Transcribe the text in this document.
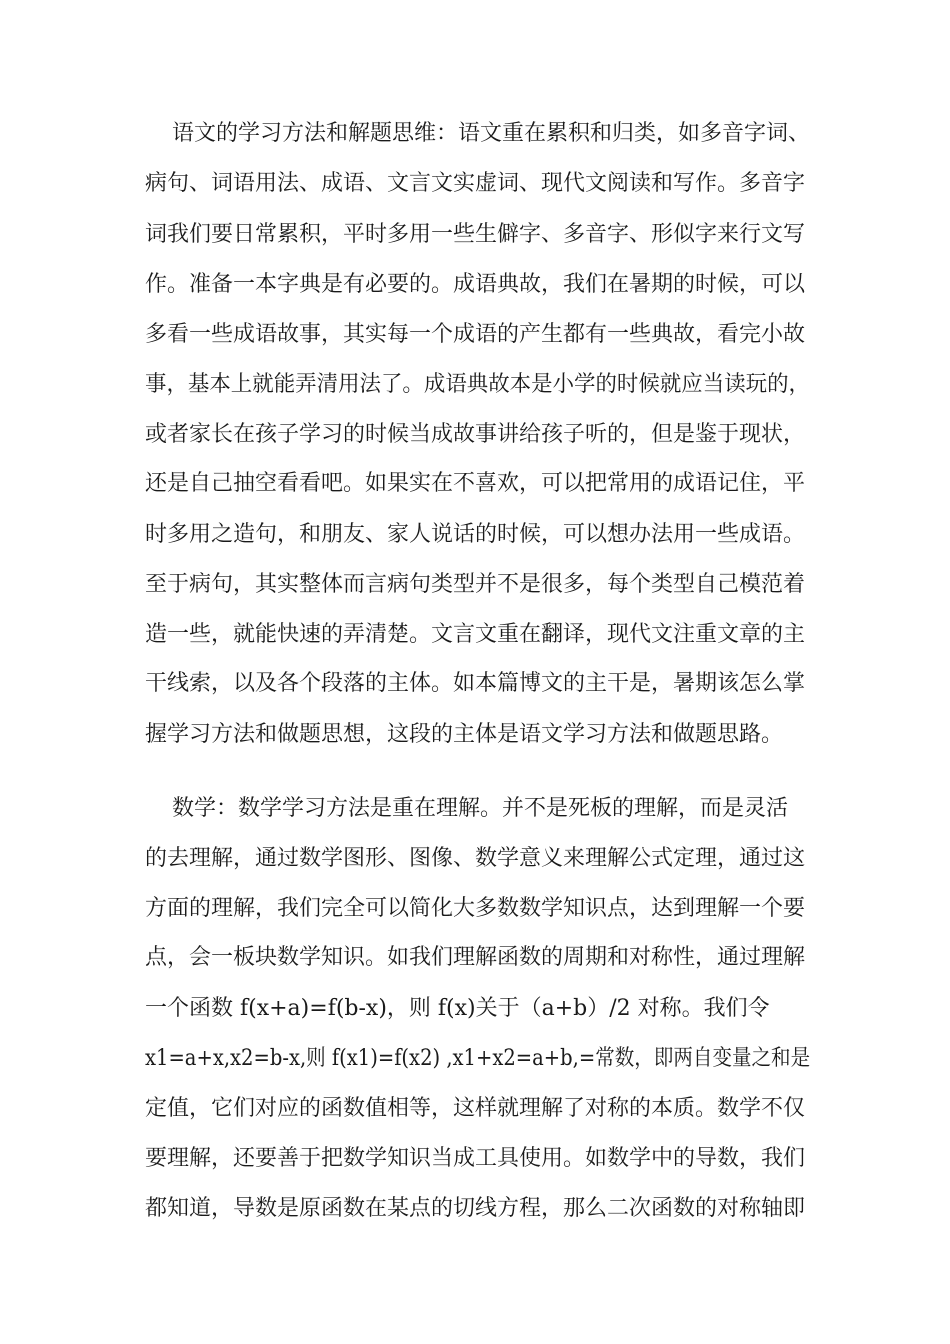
语文的学习方法和解题思维：语文重在累积和归类，如多音字词、
病句、词语用法、成语、文言文实虚词、现代文阅读和写作。多音字
词我们要日常累积，平时多用一些生僻字、多音字、形似字来行文写
作。准备一本字典是有必要的。成语典故，我们在暑期的时候，可以
多看一些成语故事，其实每一个成语的产生都有一些典故，看完小故
事，基本上就能弄清用法了。成语典故本是小学的时候就应当读玩的，
或者家长在孩子学习的时候当成故事讲给孩子听的，但是鉴于现状，
还是自己抽空看看吧。如果实在不喜欢，可以把常用的成语记住，平
时多用之造句，和朋友、家人说话的时候，可以想办法用一些成语。
至于病句，其实整体而言病句类型并不是很多，每个类型自己模范着
造一些，就能快速的弄清楚。文言文重在翻译，现代文注重文章的主
干线索，以及各个段落的主体。如本篇博文的主干是，暑期该怎么掌
握学习方法和做题思想，这段的主体是语文学习方法和做题思路。
数学：数学学习方法是重在理解。并不是死板的理解，而是灵活
的去理解，通过数学图形、图像、数学意义来理解公式定理，通过这
方面的理解，我们完全可以简化大多数数学知识点，达到理解一个要
点，会一板块数学知识。如我们理解函数的周期和对称性，通过理解
一个函数 f(x+a)=f(b-x)，则 f(x)关于（a+b）/2 对称。我们令
x1=a+x,x2=b-x,则 f(x1)=f(x2) ,x1+x2=a+b,=常数，即两自变量之和是
定值，它们对应的函数值相等，这样就理解了对称的本质。数学不仅
要理解，还要善于把数学知识当成工具使用。如数学中的导数，我们
都知道，导数是原函数在某点的切线方程，那么二次函数的对称轴即
